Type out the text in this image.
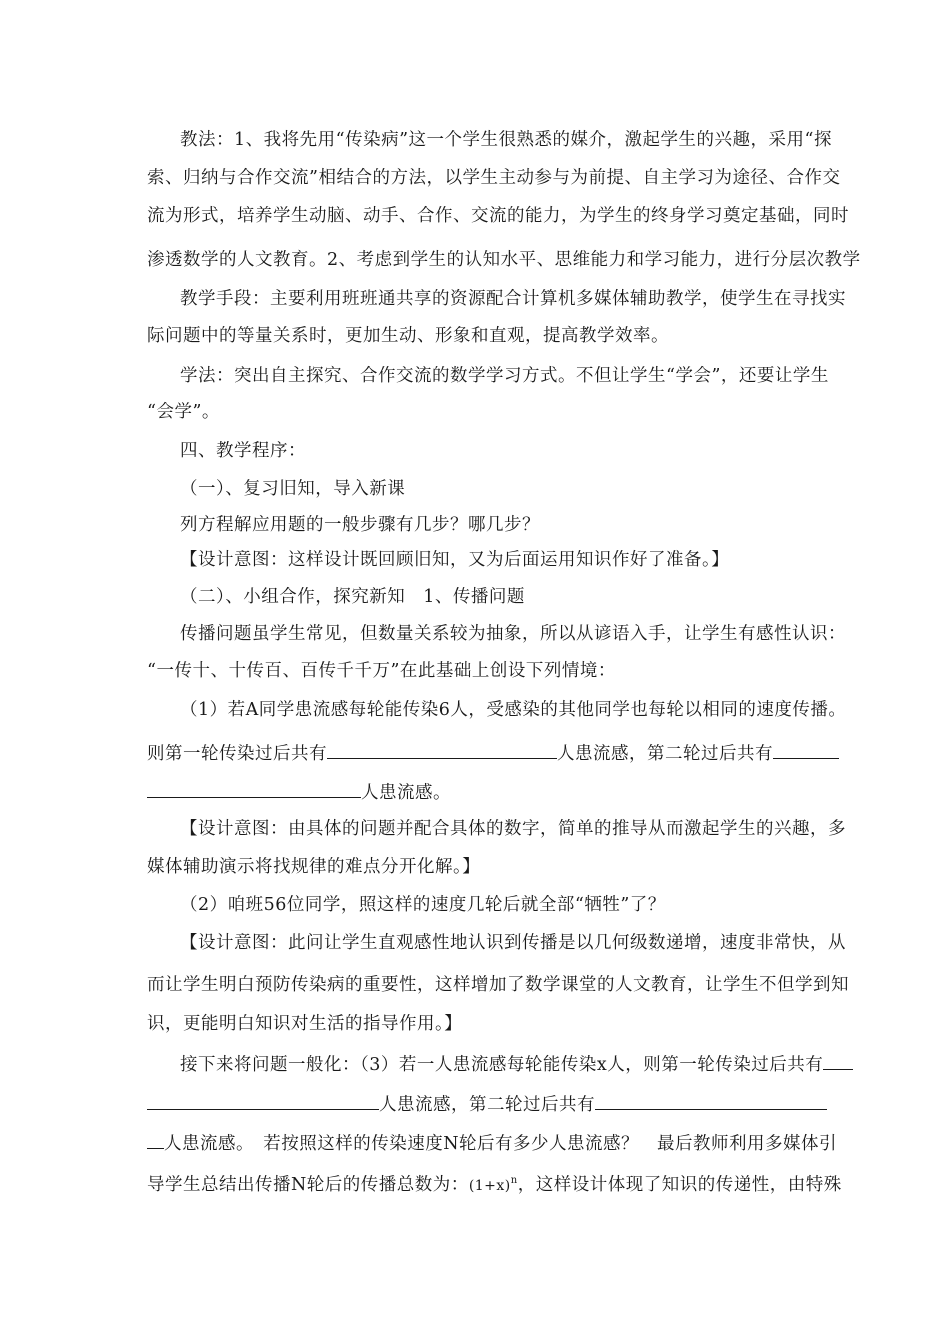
教法：1、我将先用“传染病”这一个学生很熟悉的媒介，激起学生的兴趣，采用“探
索、归纳与合作交流”相结合的方法，以学生主动参与为前提、自主学习为途径、合作交
流为形式，培养学生动脑、动手、合作、交流的能力，为学生的终身学习奠定基础，同时
渗透数学的人文教育。2、考虑到学生的认知水平、思维能力和学习能力，进行分层次教学
教学手段：主要利用班班通共享的资源配合计算机多媒体辅助教学，使学生在寻找实
际问题中的等量关系时，更加生动、形象和直观，提高教学效率。
学法：突出自主探究、合作交流的数学学习方式。不但让学生“学会”，还要让学生
“会学”。
四、教学程序：
（一）、复习旧知，导入新课
列方程解应用题的一般步骤有几步？哪几步？
【设计意图：这样设计既回顾旧知，又为后面运用知识作好了准备。】
（二）、小组合作，探究新知　1、传播问题
传播问题虽学生常见，但数量关系较为抽象，所以从谚语入手，让学生有感性认识：
“一传十、十传百、百传千千万”在此基础上创设下列情境：
（1）若A同学患流感每轮能传染6人，受感染的其他同学也每轮以相同的速度传播。
则第一轮传染过后共有	人患流感，第二轮过后共有
人患流感。
【设计意图：由具体的问题并配合具体的数字，简单的推导从而激起学生的兴趣，多
媒体辅助演示将找规律的难点分开化解。】
（2）咱班56位同学，照这样的速度几轮后就全部“牺牲”了？
【设计意图：此问让学生直观感性地认识到传播是以几何级数递增，速度非常快，从
而让学生明白预防传染病的重要性，这样增加了数学课堂的人文教育，让学生不但学到知
识，更能明白知识对生活的指导作用。】
接下来将问题一般化：（3）若一人患流感每轮能传染x人，则第一轮传染过后共有
人患流感，第二轮过后共有
人患流感。　若按照这样的传染速度N轮后有多少人患流感？　最后教师利用多媒体引
导学生总结出传播N轮后的传播总数为：$(1+x)^n$，这样设计体现了知识的传递性，由特殊
